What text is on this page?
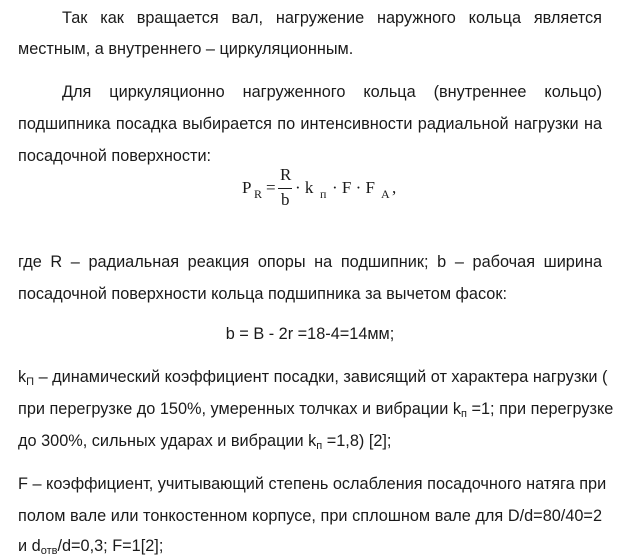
Так как вращается вал, нагружение наружного кольца является
местным, а внутреннего – циркуляционным.
Для циркуляционно нагруженного кольца (внутреннее кольцо)
подшипника посадка выбирается по интенсивности радиальной нагрузки на
посадочной поверхности:
P R =
R
b
· k п · F · F A ,
где R – радиальная реакция опоры на подшипник; b – рабочая ширина
посадочной поверхности кольца подшипника за вычетом фасок:
b = B - 2r =18-4=14мм;
$k_П$ – динамический коэффициент посадки, зависящий от характера нагрузки (
при перегрузке до 150%, умеренных толчках и вибрации $k_п =1$; при перегрузке
до 300%, сильных ударах и вибрации $k_п =1,8$) [2];
F – коэффициент, учитывающий степень ослабления посадочного натяга при
полом вале или тонкостенном корпусе, при сплошном вале для D/d=80/40=2
и $d_{отв}/d=0,3$; F=1[2];
